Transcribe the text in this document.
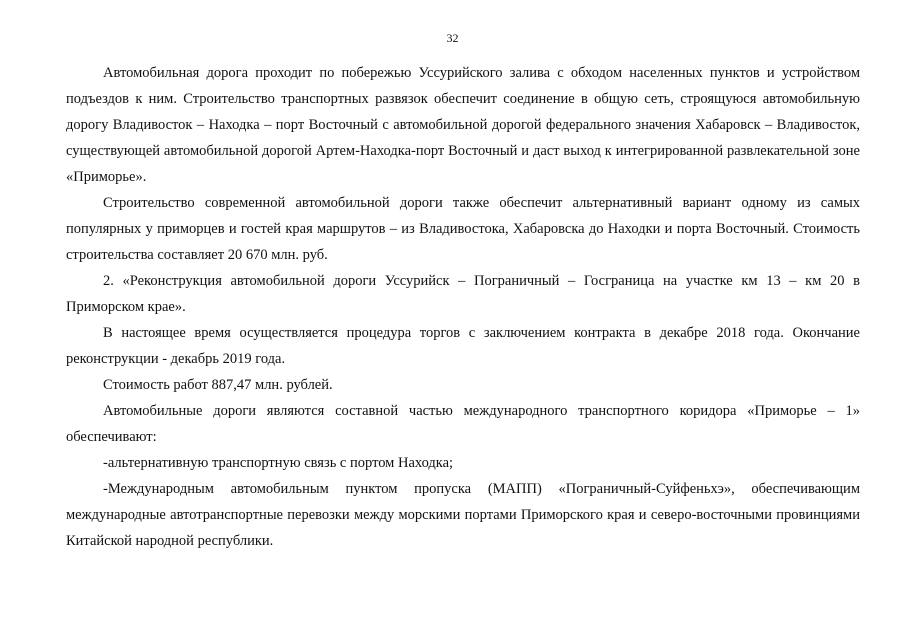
32

Автомобильная дорога проходит по побережью Уссурийского залива с обходом населенных пунктов и устройством подъездов к ним. Строительство транспортных развязок обеспечит соединение в общую сеть, строящуюся автомобильную дорогу Владивосток – Находка – порт Восточный с автомобильной дорогой федерального значения Хабаровск – Владивосток, существующей автомобильной дорогой Артем-Находка-порт Восточный и даст выход к интегрированной развлекательной зоне «Приморье».

Строительство современной автомобильной дороги также обеспечит альтернативный вариант одному из самых популярных у приморцев и гостей края маршрутов – из Владивостока, Хабаровска до Находки и порта Восточный. Стоимость строительства составляет 20 670 млн. руб.

2. «Реконструкция автомобильной дороги Уссурийск – Пограничный – Госграница на участке км 13 – км 20 в Приморском крае».

В настоящее время осуществляется процедура торгов с заключением контракта в декабре 2018 года. Окончание реконструкции - декабрь 2019 года.

Стоимость работ 887,47 млн. рублей.

Автомобильные дороги являются составной частью международного транспортного коридора «Приморье – 1» обеспечивают:

-альтернативную транспортную связь с портом Находка;

-Международным автомобильным пунктом пропуска (МАПП) «Пограничный-Суйфеньхэ», обеспечивающим международные автотранспортные перевозки между морскими портами Приморского края и северо-восточными провинциями Китайской народной республики.
